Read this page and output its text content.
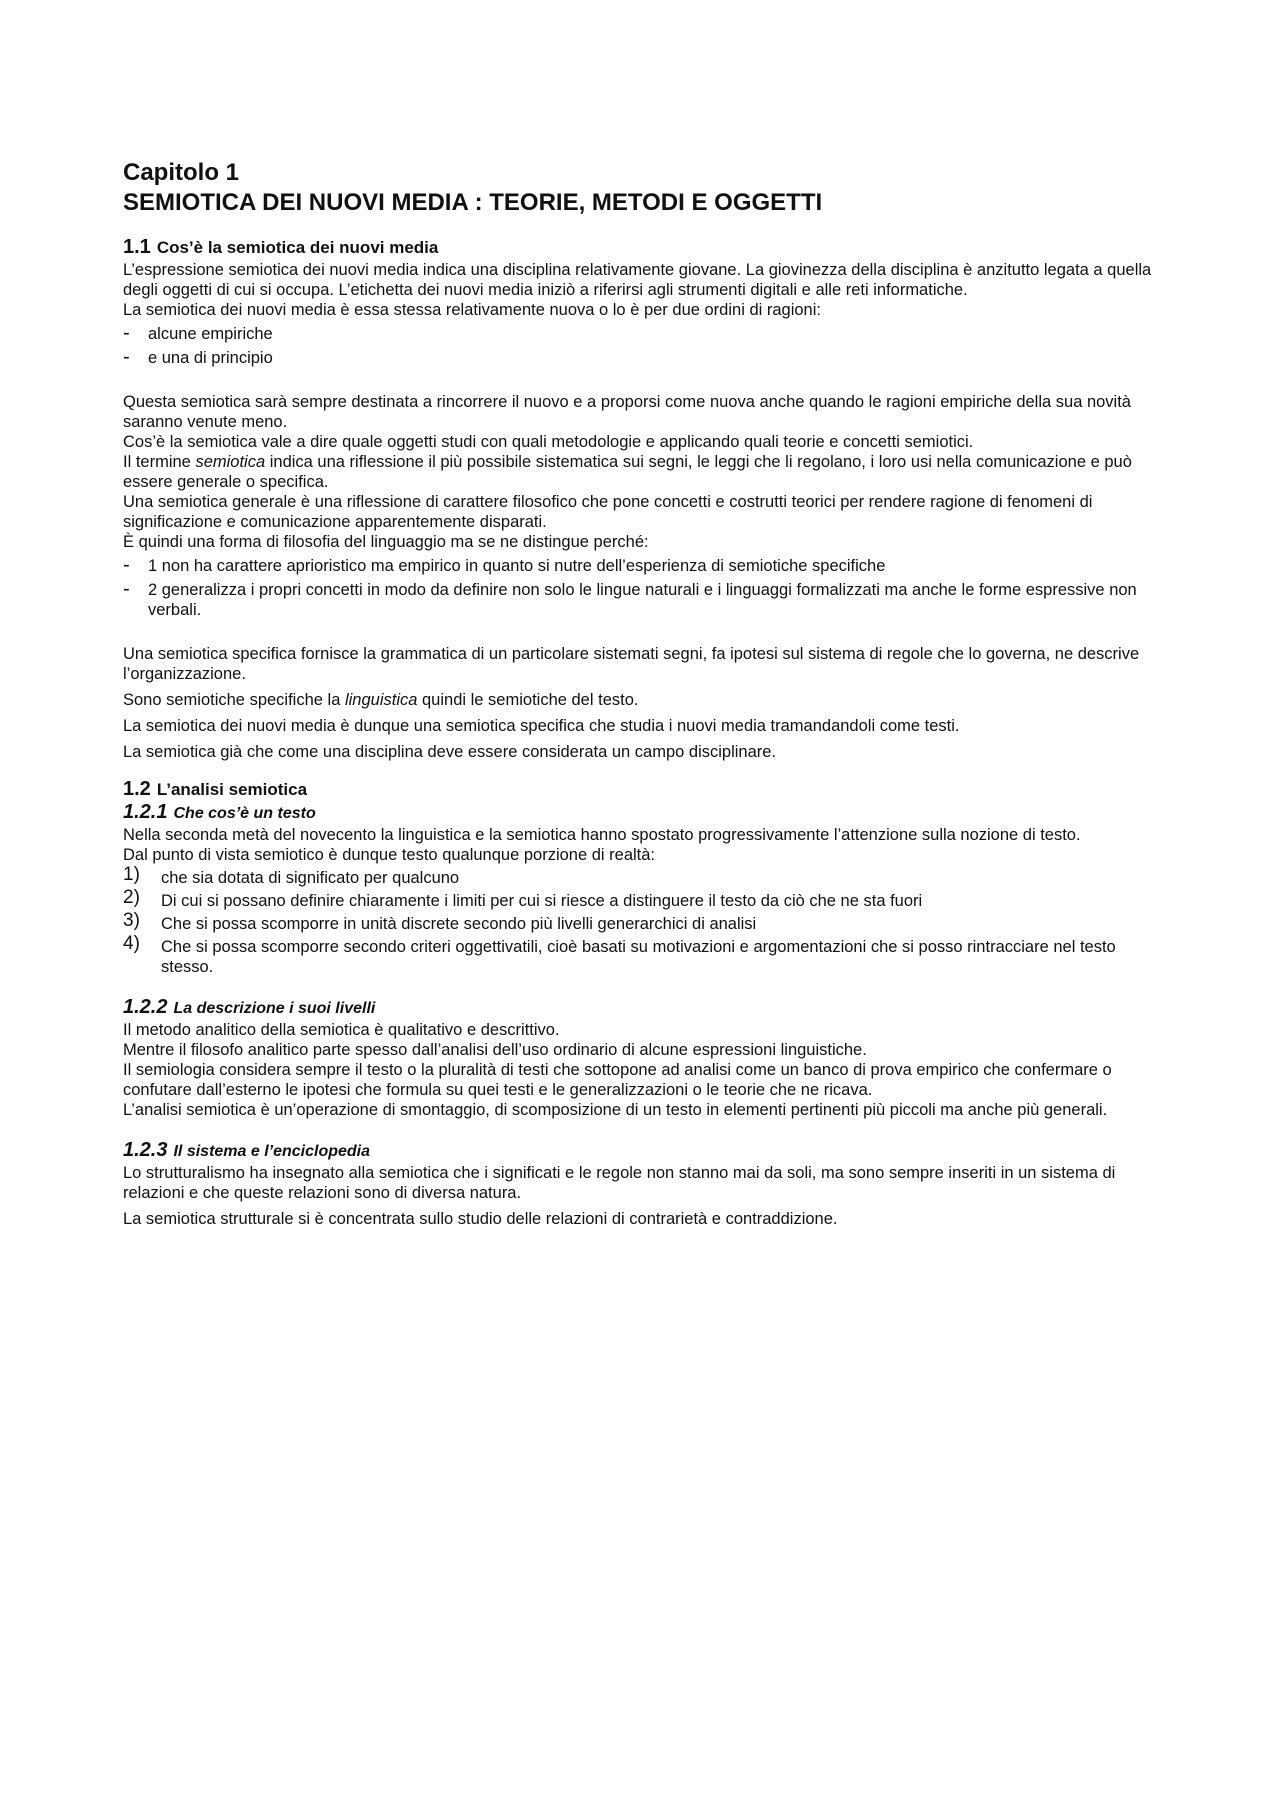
Capitolo 1
SEMIOTICA DEI NUOVI MEDIA : TEORIE, METODI E OGGETTI
1.1 Cos’è la semiotica dei nuovi media

L’espressione semiotica dei nuovi media indica una disciplina relativamente giovane. La giovinezza della disciplina è anzitutto legata a quella degli oggetti di cui si occupa. L’etichetta dei nuovi media iniziò a riferirsi agli strumenti digitali e alle reti informatiche.

La semiotica dei nuovi media è essa stessa relativamente nuova o lo è per due ordini di ragioni:

- alcune empiriche
- e una di principio

Questa semiotica sarà sempre destinata a rincorrere il nuovo e a proporsi come nuova anche quando le ragioni empiriche della sua novità saranno venute meno.

Cos’è la semiotica vale a dire quale oggetti studi con quali metodologie e applicando quali teorie e concetti semiotici.

Il termine semiotica indica una riflessione il più possibile sistematica sui segni, le leggi che li regolano, i loro usi nella comunicazione e può essere generale o specifica.

Una semiotica generale è una riflessione di carattere filosofico che pone concetti e costrutti teorici per rendere ragione di fenomeni di significazione e comunicazione apparentemente disparati.

È quindi una forma di filosofia del linguaggio ma se ne distingue perché:

- 1 non ha carattere aprioristico ma empirico in quanto si nutre dell’esperienza di semiotiche specifiche
- 2 generalizza i propri concetti in modo da definire non solo le lingue naturali e i linguaggi formalizzati ma anche le forme espressive non verbali.

Una semiotica specifica fornisce la grammatica di un particolare sistemati segni, fa ipotesi sul sistema di regole che lo governa, ne descrive l’organizzazione.

Sono semiotiche specifiche la linguistica quindi le semiotiche del testo.

La semiotica dei nuovi media è dunque una semiotica specifica che studia i nuovi media tramandandoli come testi.

La semiotica già che come una disciplina deve essere considerata un campo disciplinare.

1.2 L’analisi semiotica
1.2.1 Che cos’è un testo

Nella seconda metà del novecento la linguistica e la semiotica hanno spostato progressivamente l’attenzione sulla nozione di testo.

Dal punto di vista semiotico è dunque testo qualunque porzione di realtà:

1) che sia dotata di significato per qualcuno
2) Di cui si possano definire chiaramente i limiti per cui si riesce a distinguere il testo da ciò che ne sta fuori
3) Che si possa scomporre in unità discrete secondo più livelli generarchici di analisi
4) Che si possa scomporre secondo criteri oggettivatili, cioè basati su motivazioni e argomentazioni che si posso rintracciare nel testo stesso.
1.2.2 La descrizione i suoi livelli

Il metodo analitico della semiotica è qualitativo e descrittivo.

Mentre il filosofo analitico parte spesso dall’analisi dell’uso ordinario di alcune espressioni linguistiche.

Il semiologia considera sempre il testo o la pluralità di testi che sottopone ad analisi come un banco di prova empirico che confermare o confutare dall’esterno le ipotesi che formula su quei testi e le generalizzazioni o le teorie che ne ricava.

L’analisi semiotica è un’operazione di smontaggio, di scomposizione di un testo in elementi pertinenti più piccoli ma anche più generali.

1.2.3 Il sistema e l’enciclopedia

Lo strutturalismo ha insegnato alla semiotica che i significati e le regole non stanno mai da soli, ma sono sempre inseriti in un sistema di relazioni e che queste relazioni sono di diversa natura.

La semiotica strutturale si è concentrata sullo studio delle relazioni di contrarietà e contraddizione.
